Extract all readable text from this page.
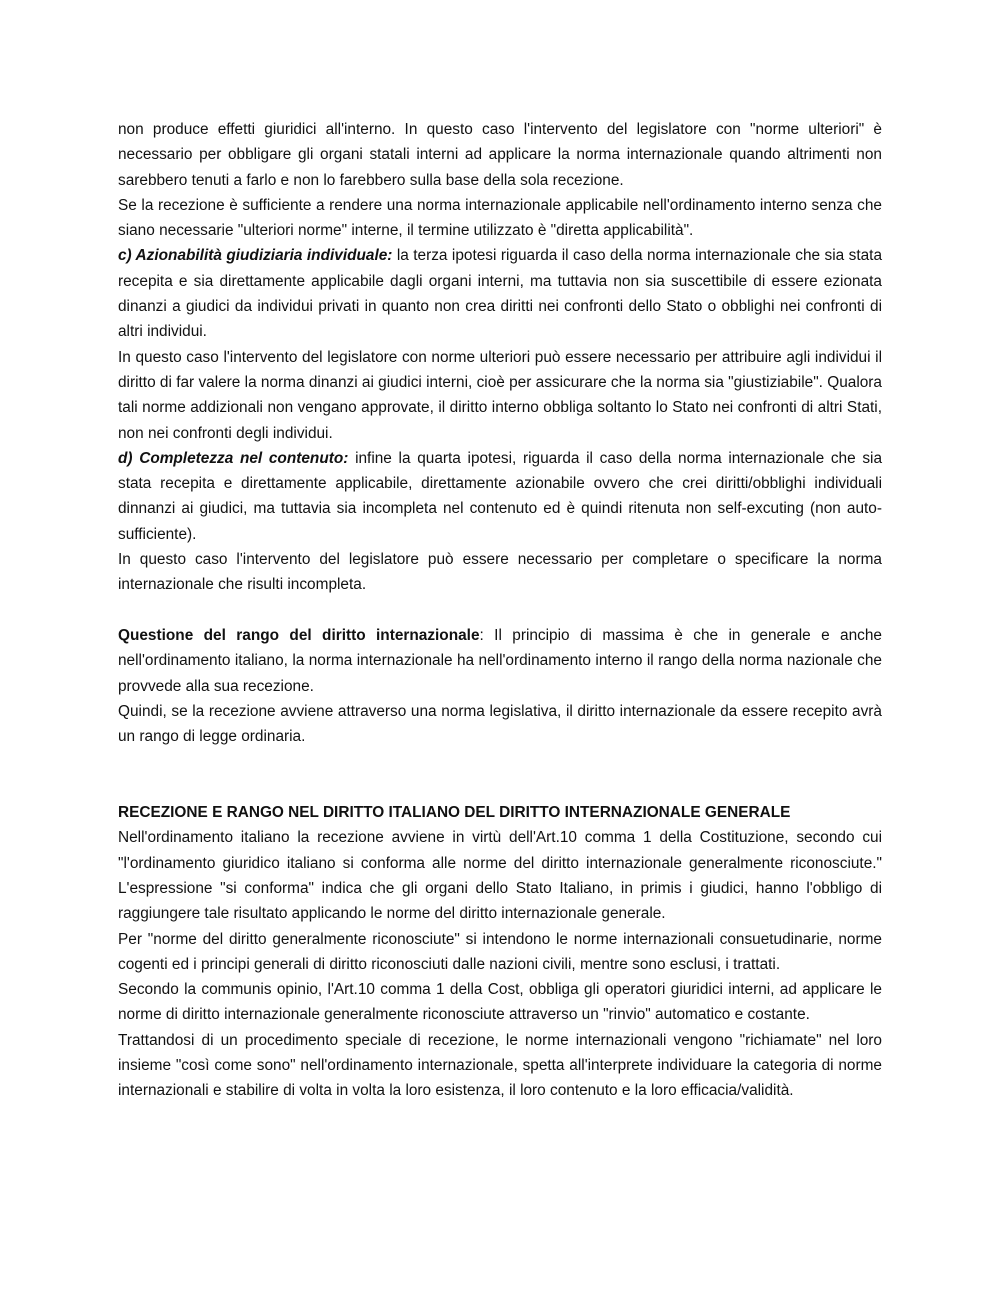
non produce effetti giuridici all'interno. In questo caso l'intervento del legislatore con "norme ulteriori" è necessario per obbligare gli organi statali interni ad applicare la norma internazionale quando altrimenti non sarebbero tenuti a farlo e non lo farebbero sulla base della sola recezione.

Se la recezione è sufficiente a rendere una norma internazionale applicabile nell'ordinamento interno senza che siano necessarie "ulteriori norme" interne, il termine utilizzato è "diretta applicabilità".

c) Azionabilità giudiziaria individuale: la terza ipotesi riguarda il caso della norma internazionale che sia stata recepita e sia direttamente applicabile dagli organi interni, ma tuttavia non sia suscettibile di essere ezionata dinanzi a giudici da individui privati in quanto non crea diritti nei confronti dello Stato o obblighi nei confronti di altri individui.

In questo caso l'intervento del legislatore con norme ulteriori può essere necessario per attribuire agli individui il diritto di far valere la norma dinanzi ai giudici interni, cioè per assicurare che la norma sia "giustiziabile". Qualora tali norme addizionali non vengano approvate, il diritto interno obbliga soltanto lo Stato nei confronti di altri Stati, non nei confronti degli individui.

d) Completezza nel contenuto: infine la quarta ipotesi, riguarda il caso della norma internazionale che sia stata recepita e direttamente applicabile, direttamente azionabile ovvero che crei diritti/obblighi individuali dinnanzi ai giudici, ma tuttavia sia incompleta nel contenuto ed è quindi ritenuta non self-excuting (non auto-sufficiente).

In questo caso l'intervento del legislatore può essere necessario per completare o specificare la norma internazionale che risulti incompleta.

Questione del rango del diritto internazionale: Il principio di massima è che in generale e anche nell'ordinamento italiano, la norma internazionale ha nell'ordinamento interno il rango della norma nazionale che provvede alla sua recezione.

Quindi, se la recezione avviene attraverso una norma legislativa, il diritto internazionale da essere recepito avrà un rango di legge ordinaria.

RECEZIONE E RANGO NEL DIRITTO ITALIANO DEL DIRITTO INTERNAZIONALE GENERALE

Nell'ordinamento italiano la recezione avviene in virtù dell'Art.10 comma 1 della Costituzione, secondo cui "l'ordinamento giuridico italiano si conforma alle norme del diritto internazionale generalmente riconosciute." L'espressione "si conforma" indica che gli organi dello Stato Italiano, in primis i giudici, hanno l'obbligo di raggiungere tale risultato applicando le norme del diritto internazionale generale.

Per "norme del diritto generalmente riconosciute" si intendono le norme internazionali consuetudinarie, norme cogenti ed i principi generali di diritto riconosciuti dalle nazioni civili, mentre sono esclusi, i trattati.

Secondo la communis opinio, l'Art.10 comma 1 della Cost, obbliga gli operatori giuridici interni, ad applicare le norme di diritto internazionale generalmente riconosciute attraverso un "rinvio" automatico e costante.

Trattandosi di un procedimento speciale di recezione, le norme internazionali vengono "richiamate" nel loro insieme "così come sono" nell'ordinamento internazionale, spetta all'interprete individuare la categoria di norme internazionali e stabilire di volta in volta la loro esistenza, il loro contenuto e la loro efficacia/validità.
